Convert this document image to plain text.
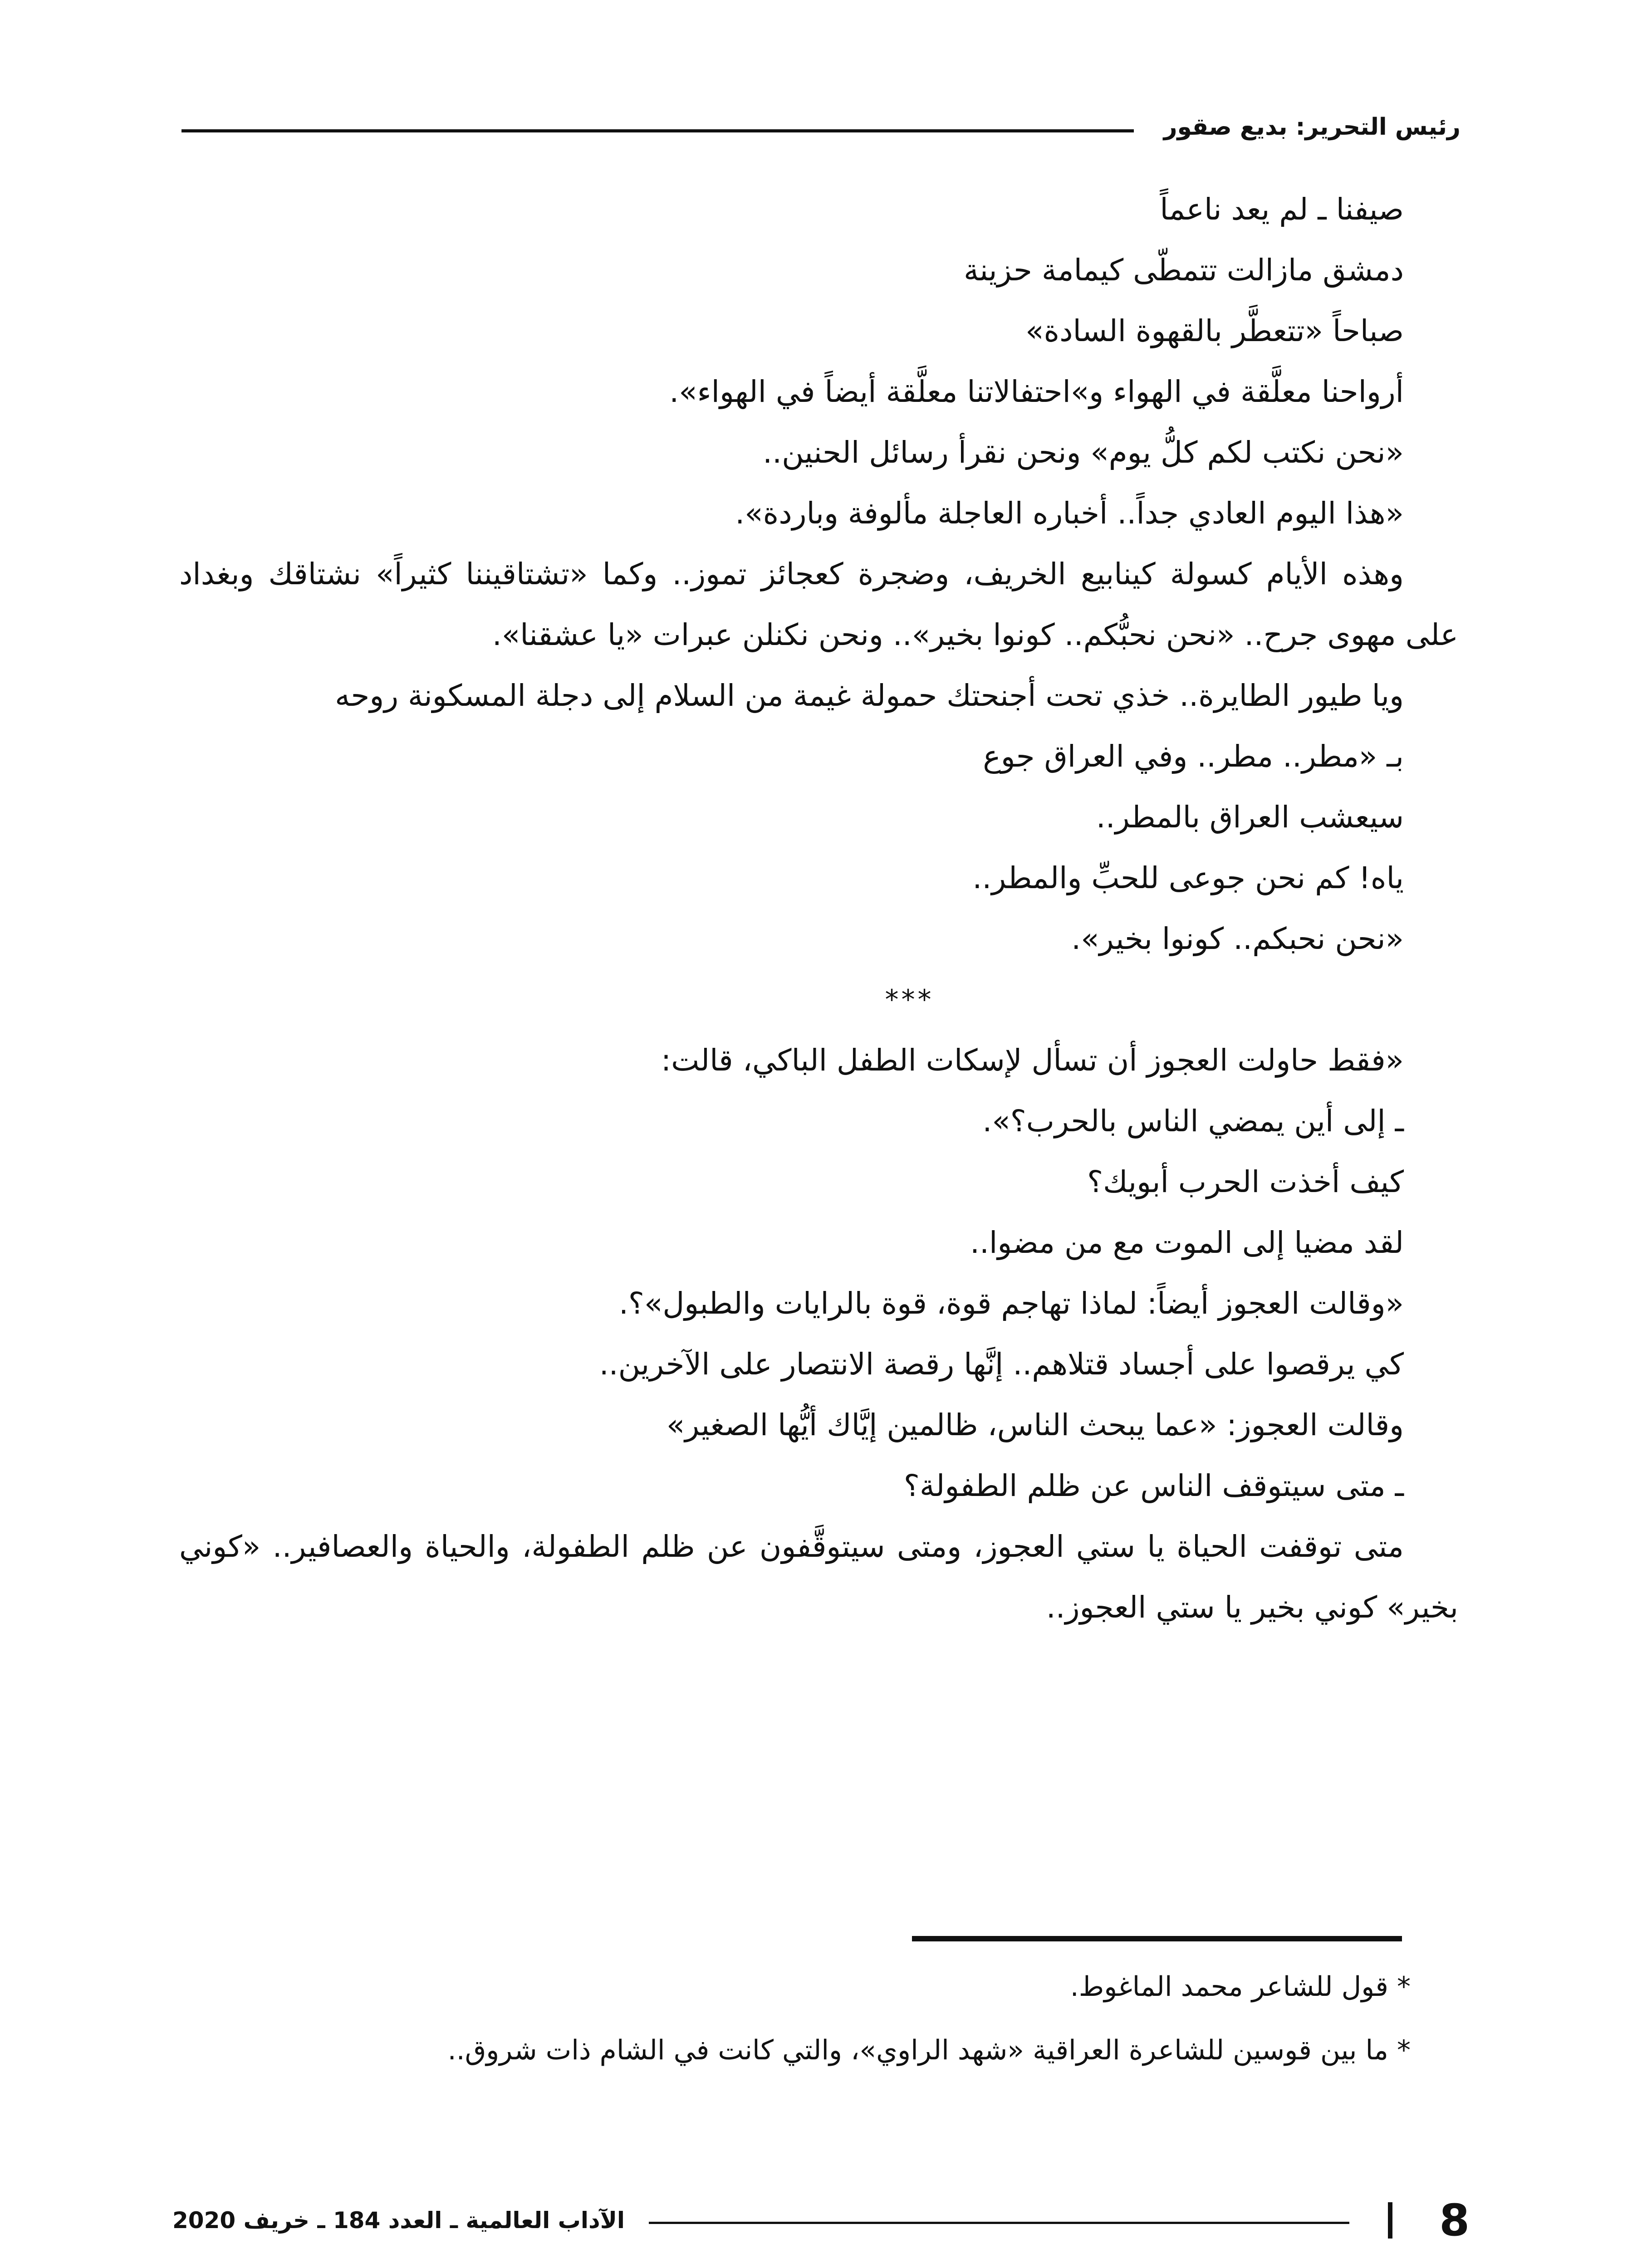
رئيس التحرير: بديع صقور

صيفنا ـ لم يعد ناعماً

دمشق مازالت تتمطّى كيمامة حزينة

صباحاً «تتعطَّر بالقهوة السادة»

أرواحنا معلَّقة في الهواء و»احتفالاتنا معلَّقة أيضاً في الهواء».

«نحن نكتب لكم كلُّ يوم» ونحن نقرأ رسائل الحنين..

«هذا اليوم العادي جداً.. أخباره العاجلة مألوفة وباردة».

وهذه الأيام كسولة كينابيع الخريف، وضجرة كعجائز تموز.. وكما «تشتاقيننا كثيراً» نشتاقك وبغداد على مهوى جرح.. «نحن نحبُّكم.. كونوا بخير».. ونحن نكنلن عبرات «يا عشقنا».

ويا طيور الطايرة.. خذي تحت أجنحتك حمولة غيمة من السلام إلى دجلة المسكونة روحه

بـ «مطر.. مطر.. وفي العراق جوع

سيعشب العراق بالمطر..

ياه! كم نحن جوعى للحبِّ والمطر..

«نحن نحبكم.. كونوا بخير».

***

«فقط حاولت العجوز أن تسأل لإسكات الطفل الباكي، قالت:

ـ إلى أين يمضي الناس بالحرب؟».

كيف أخذت الحرب أبويك؟

لقد مضيا إلى الموت مع من مضوا..

«وقالت العجوز أيضاً: لماذا تهاجم قوة، قوة بالرايات والطبول»؟.

كي يرقصوا على أجساد قتلاهم.. إنَّها رقصة الانتصار على الآخرين..

وقالت العجوز: «عما يبحث الناس، ظالمين إيَّاك أيُّها الصغير»

ـ متى سيتوقف الناس عن ظلم الطفولة؟

متى توقفت الحياة يا ستي العجوز، ومتى سيتوقَّفون عن ظلم الطفولة، والحياة والعصافير.. «كوني بخير» كوني بخير يا ستي العجوز..

* قول للشاعر محمد الماغوط.

* ما بين قوسين للشاعرة العراقية «شهد الراوي»، والتي كانت في الشام ذات شروق..

8
الآداب العالمية ـ العدد 184 ـ خريف 2020
